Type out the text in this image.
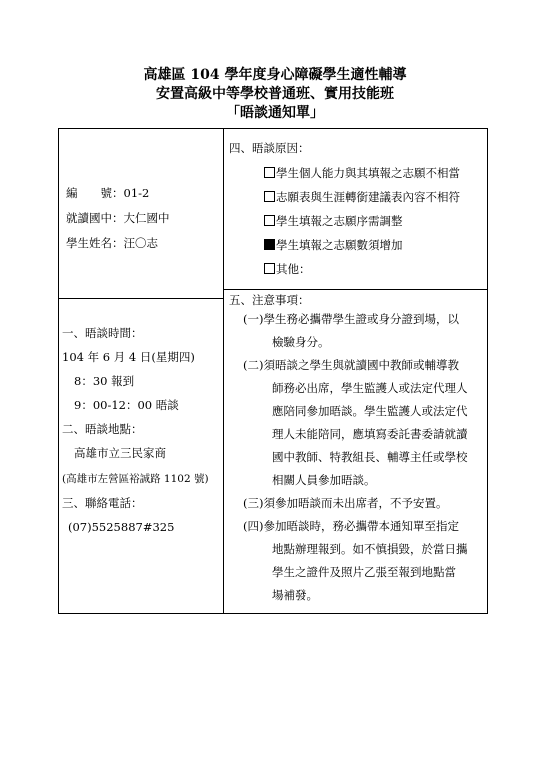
高雄區 104 學年度身心障礙學生適性輔導
安置高級中等學校普通班、實用技能班
「晤談通知單」
編　　號：01-2
就讀國中：大仁國中
學生姓名：汪〇志
一、晤談時間：
104 年 6 月 4 日(星期四)
8：30 報到
9：00-12：00 晤談
二、晤談地點：
高雄市立三民家商
(高雄市左營區裕誠路 1102 號)
三、聯絡電話：
(07)5525887#325
四、晤談原因：
學生個人能力與其填報之志願不相當
志願表與生涯轉銜建議表內容不相符
學生填報之志願序需調整
學生填報之志願數須增加
其他：
五、注意事項：
(一)學生務必攜帶學生證或身分證到場，以
檢驗身分。
(二)須晤談之學生與就讀國中教師或輔導教
師務必出席，學生監護人或法定代理人
應陪同參加晤談。學生監護人或法定代
理人未能陪同，應填寫委託書委請就讀
國中教師、特教組長、輔導主任或學校
相關人員參加晤談。
(三)須參加晤談而未出席者，不予安置。
(四)參加晤談時，務必攜帶本通知單至指定
地點辦理報到。如不慎損毀，於當日攜
學生之證件及照片乙張至報到地點當
場補發。
